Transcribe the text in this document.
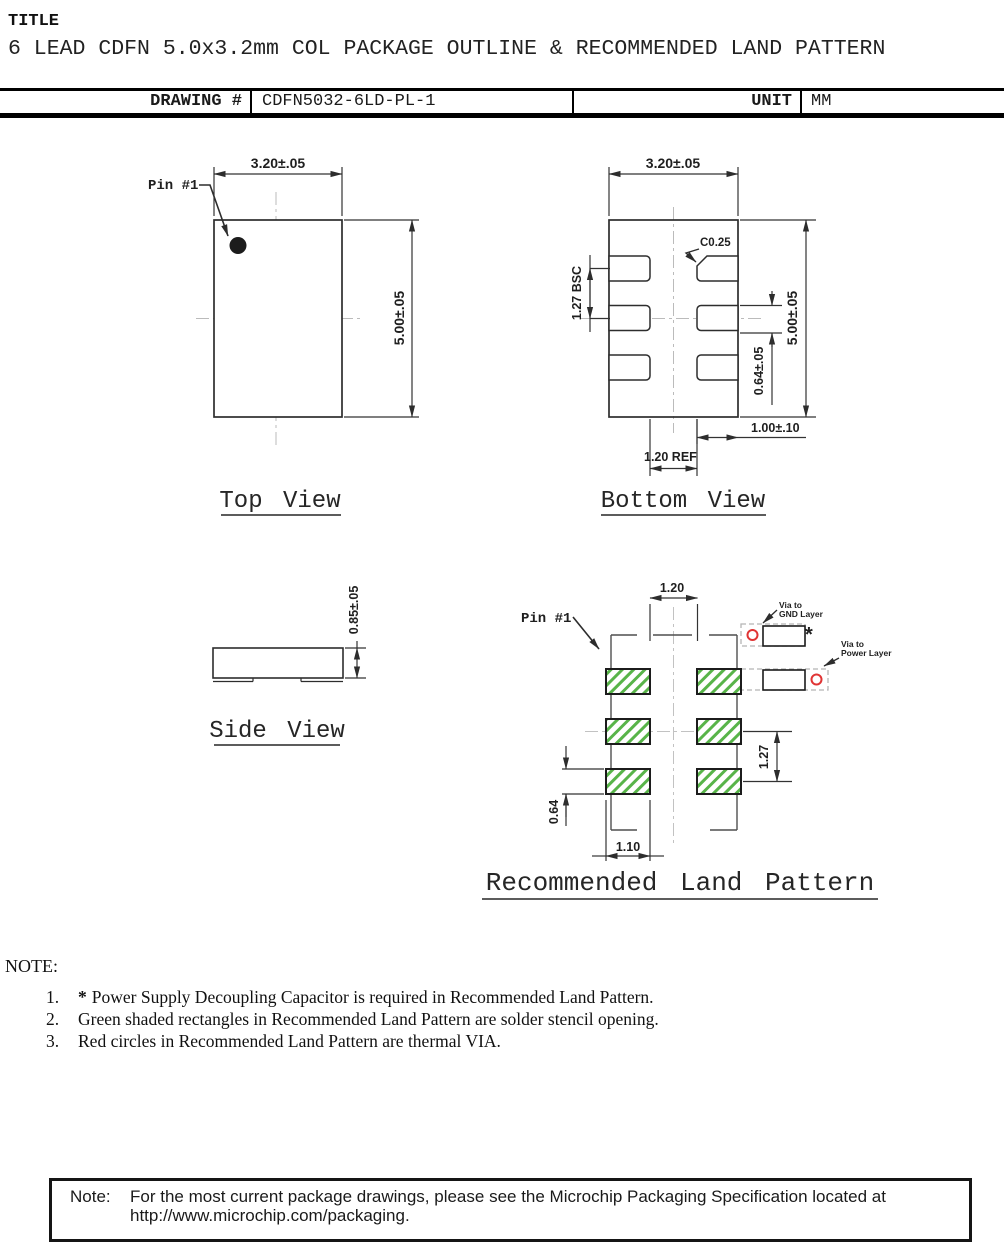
TITLE
6 LEAD CDFN 5.0x3.2mm COL PACKAGE OUTLINE & RECOMMENDED LAND PATTERN
DRAWING #	CDFN5032-6LD-PL-1	UNIT	MM
Pin #1
3.20±.05
5.00±.05
Top View
C0.25
3.20±.05
5.00±.05
1.27 BSC
0.64±.05
1.00±.10
1.20 REF
Bottom View
0.85±.05
Side View
*
Via to
GND Layer
Via to
Power Layer
Pin #1
1.20
1.27
0.64
1.10
Recommended Land Pattern
NOTE:
1.	* Power Supply Decoupling Capacitor is required in Recommended Land Pattern.
2.	Green shaded rectangles in Recommended Land Pattern are solder stencil opening.
3.	Red circles in Recommended Land Pattern are thermal VIA.
Note:	For the most current package drawings, please see the Microchip Packaging Specification located at
http://www.microchip.com/packaging.
